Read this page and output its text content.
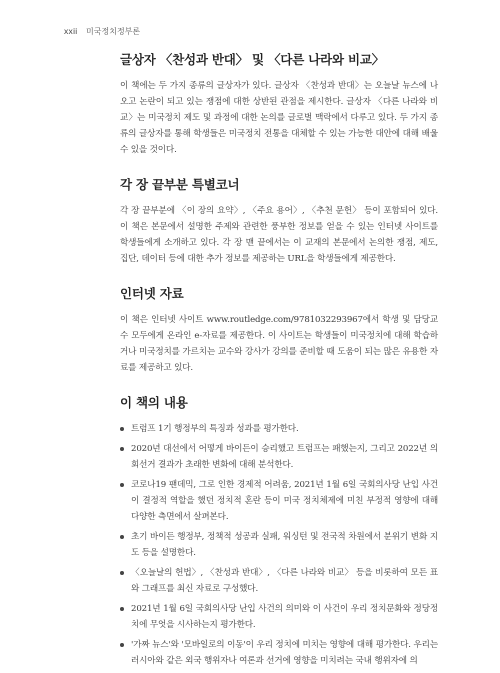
xxii 미국정치정부론
글상자 〈찬성과 반대〉 및 〈다른 나라와 비교〉

이 책에는 두 가지 종류의 글상자가 있다. 글상자 〈찬성과 반대〉는 오늘날 뉴스에 나오고 논란이 되고 있는 쟁점에 대한 상반된 관점을 제시한다. 글상자 〈다른 나라와 비교〉는 미국정치 제도 및 과정에 대한 논의를 글로벌 맥락에서 다루고 있다. 두 가지 종류의 글상자를 통해 학생들은 미국정치 전통을 대체할 수 있는 가능한 대안에 대해 배울 수 있을 것이다.

각 장 끝부분 특별코너

각 장 끝부분에 〈이 장의 요약〉, 〈주요 용어〉, 〈추천 문헌〉 등이 포함되어 있다. 이 책은 본문에서 설명한 주제와 관련한 풍부한 정보를 얻을 수 있는 인터넷 사이트를 학생들에게 소개하고 있다. 각 장 맨 끝에서는 이 교재의 본문에서 논의한 쟁점, 제도, 집단, 데이터 등에 대한 추가 정보를 제공하는 URL을 학생들에게 제공한다.

인터넷 자료

이 책은 인터넷 사이트 www.routledge.com/9781032293967에서 학생 및 담당교수 모두에게 온라인 e-자료를 제공한다. 이 사이트는 학생들이 미국정치에 대해 학습하거나 미국정치를 가르치는 교수와 강사가 강의를 준비할 때 도움이 되는 많은 유용한 자료를 제공하고 있다.

이 책의 내용
트럼프 1기 행정부의 특징과 성과를 평가한다.
2020년 대선에서 어떻게 바이든이 승리했고 트럼프는 패했는지, 그리고 2022년 의회선거 결과가 초래한 변화에 대해 분석한다.
코로나19 팬데믹, 그로 인한 경제적 어려움, 2021년 1월 6일 국회의사당 난입 사건이 결정적 역할을 했던 정치적 혼란 등이 미국 정치체제에 미친 부정적 영향에 대해 다양한 측면에서 살펴본다.
초기 바이든 행정부, 정책적 성공과 실패, 워싱턴 및 전국적 차원에서 분위기 변화 지도 등을 설명한다.
〈오늘날의 헌법〉, 〈찬성과 반대〉, 〈다른 나라와 비교〉 등을 비롯하여 모든 표와 그래프를 최신 자료로 구성했다.
2021년 1월 6일 국회의사당 난입 사건의 의미와 이 사건이 우리 정치문화와 정당정치에 무엇을 시사하는지 평가한다.
'가짜 뉴스'와 '모바일로의 이동'이 우리 정치에 미치는 영향에 대해 평가한다. 우리는 러시아와 같은 외국 행위자나 여론과 선거에 영향을 미치려는 국내 행위자에 의
